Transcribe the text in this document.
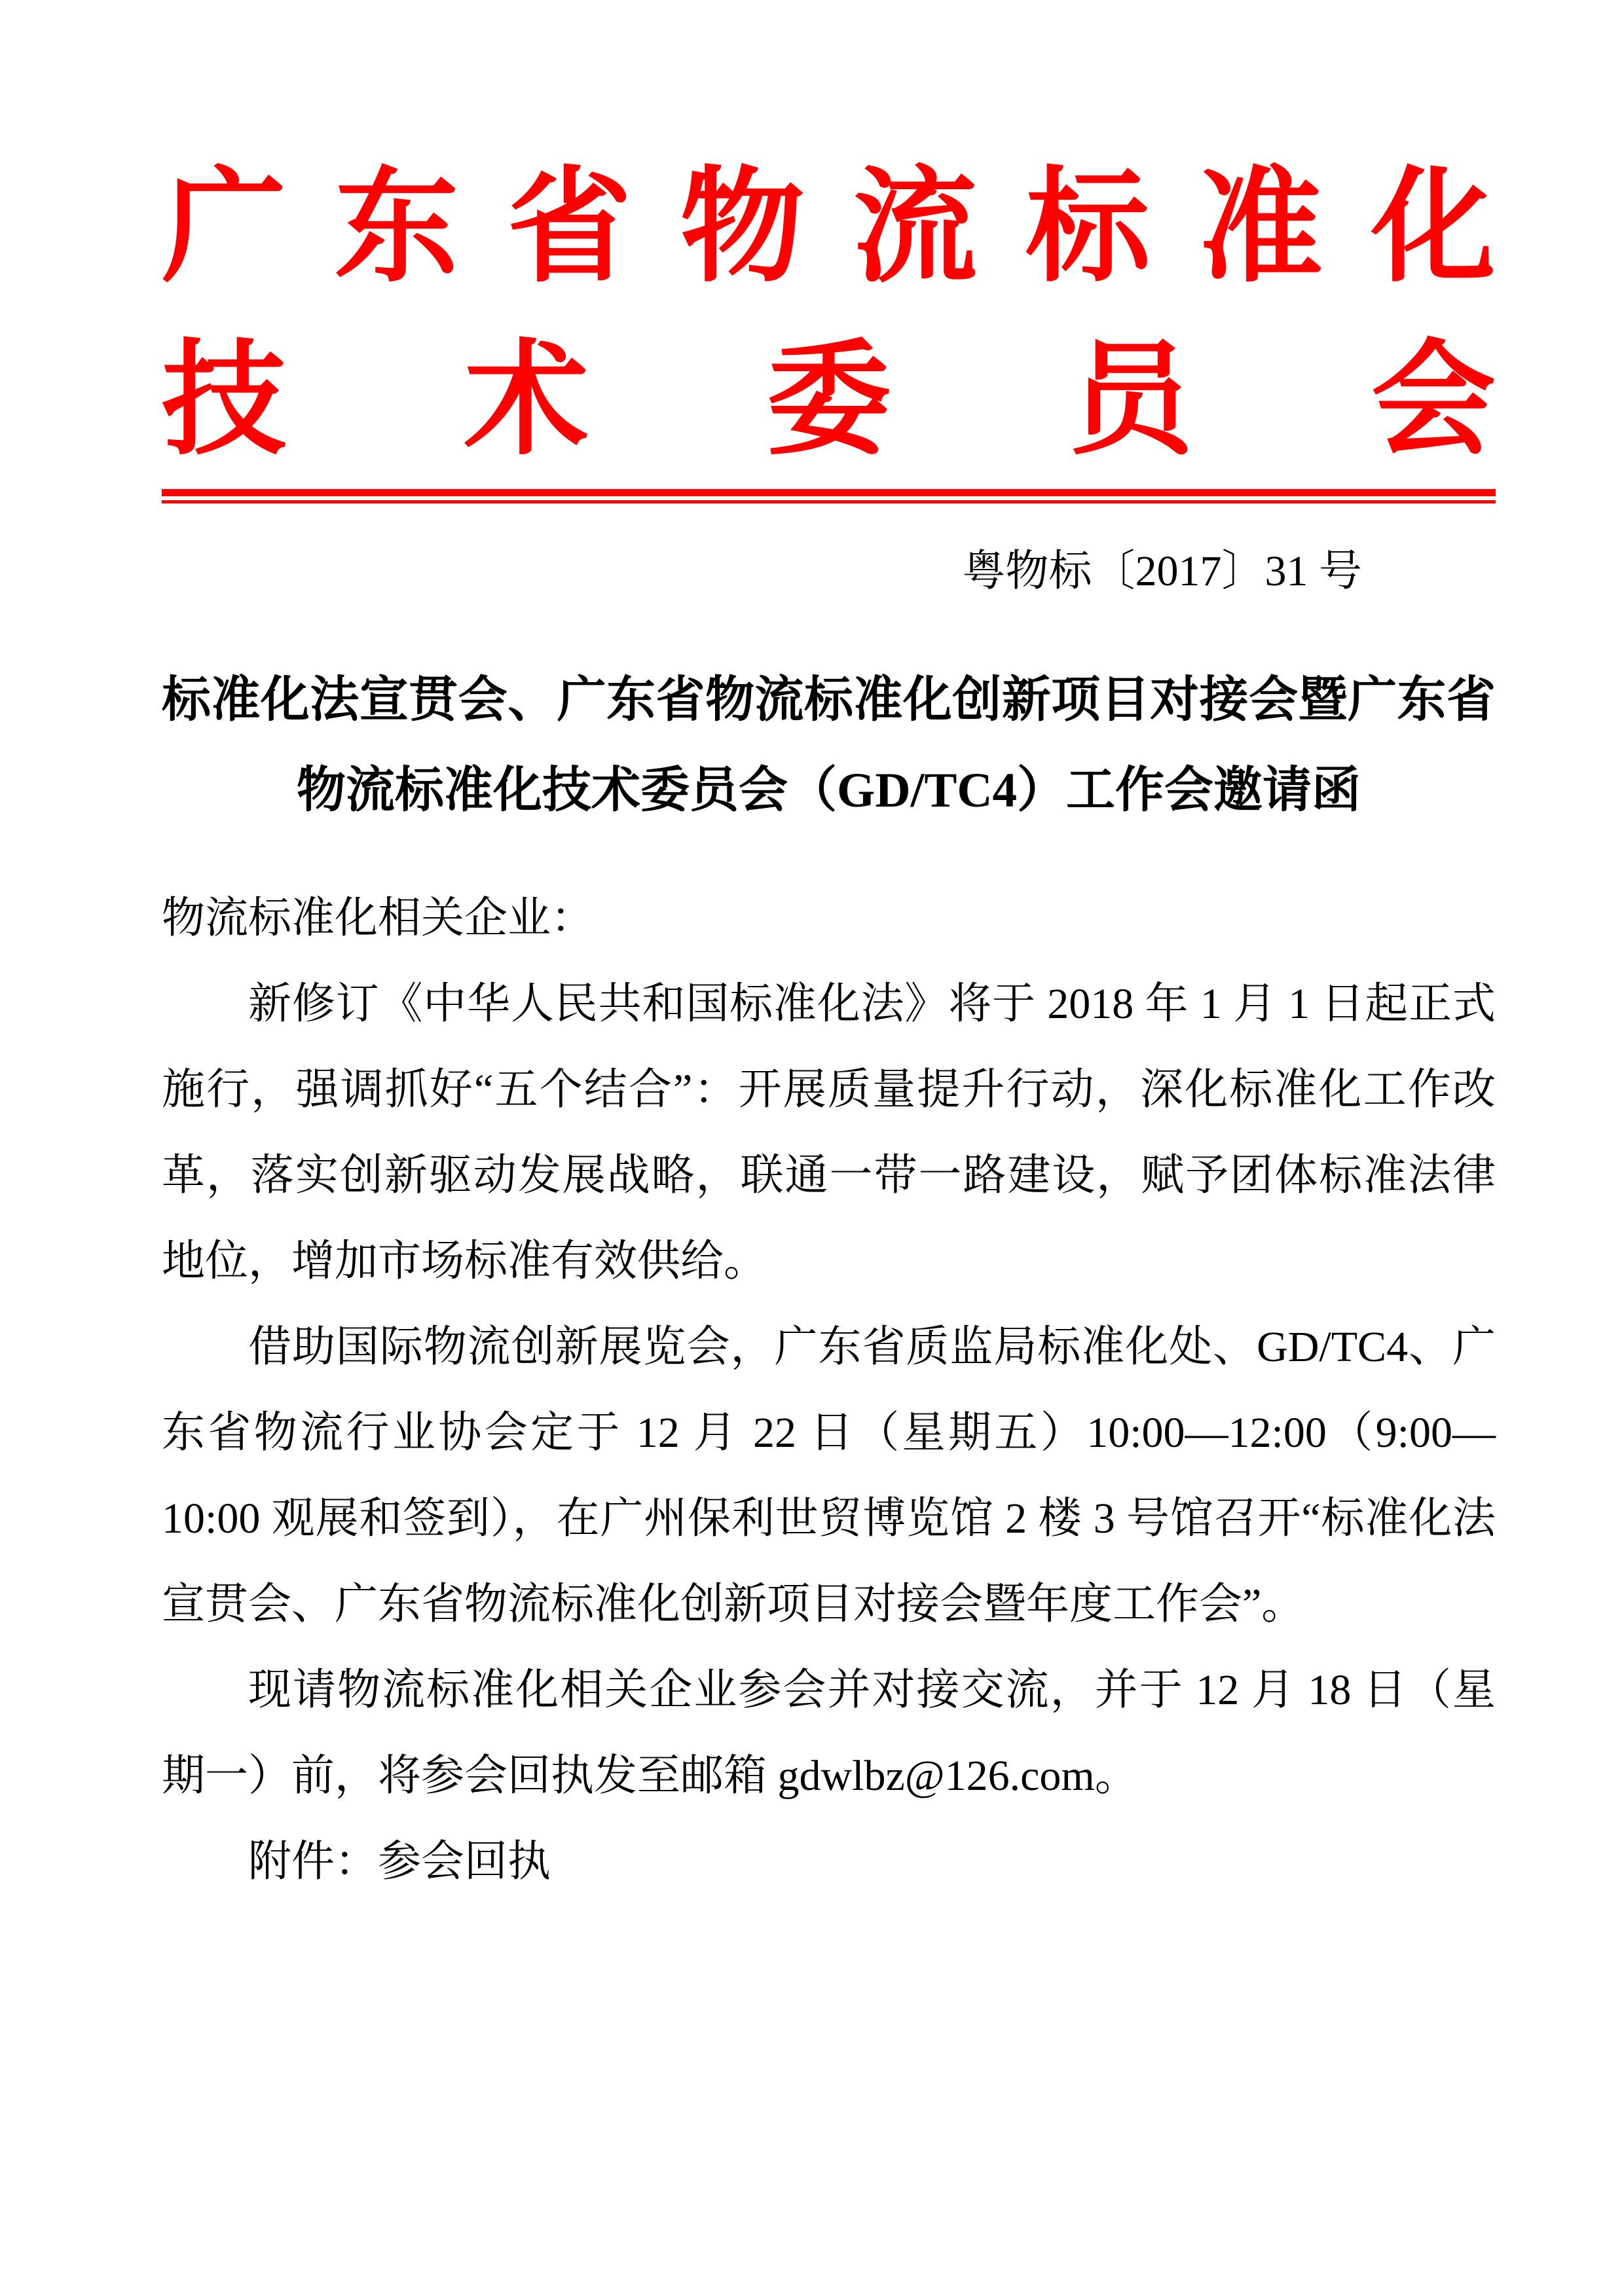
广 东 省 物 流 标 准 化
技 术 委 员 会
粤物标〔2017〕31 号
标准化法宣贯会、广东省物流标准化创新项目对接会暨广东省
物流标准化技术委员会（GD/TC4）工作会邀请函

物流标准化相关企业：

新修订《中华人民共和国标准化法》将于 2018 年 1 月 1 日起正式施行，强调抓好“五个结合”：开展质量提升行动，深化标准化工作改革，落实创新驱动发展战略，联通一带一路建设，赋予团体标准法律地位，增加市场标准有效供给。

借助国际物流创新展览会，广东省质监局标准化处、GD/TC4、广东省物流行业协会定于 12 月 22 日（星期五）10:00—12:00（9:00—10:00 观展和签到），在广州保利世贸博览馆 2 楼 3 号馆召开“标准化法宣贯会、广东省物流标准化创新项目对接会暨年度工作会”。

现请物流标准化相关企业参会并对接交流，并于 12 月 18 日（星期一）前，将参会回执发至邮箱 gdwlbz@126.com。

附件：参会回执
